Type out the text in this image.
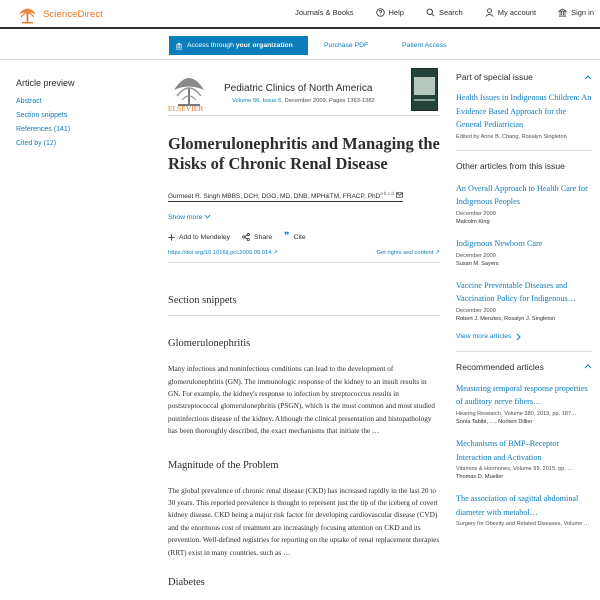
ScienceDirect	Journals & Books	Help	Search	My account	Sign in
Access through your organization	Purchase PDF	Patient Access
Article preview
Abstract
Section snippets
References (141)
Cited by (12)
ELSEVIER
Pediatric Clinics of North America
Volume 56, Issue 6, December 2009, Pages 1363-1382
Glomerulonephritis and Managing the Risks of Chronic Renal Disease
Gurmeet R. Singh MBBS, DCH, DGO, MD, DNB, MPH&TM, FRACP, PhD$^{a b c d}$
Show more
Add to Mendeley	Share ❞ Cite
https://doi.org/10.1016/j.pcl.2009.09.014 ↗	Get rights and content ↗
Section snippets
Glomerulonephritis

Many infectious and noninfectious conditions can lead to the development of glomerulonephritis (GN). The immunologic response of the kidney to an insult results in GN. For example, the kidney's response to infection by streptococcus results in poststreptococcal glomerulonephritis (PSGN), which is the most common and most studied postinfectious disease of the kidney. Although the clinical presentation and histopathology has been thoroughly described, the exact mechanisms that initiate the …

Magnitude of the Problem

The global prevalence of chronic renal disease (CKD) has increased rapidly in the last 20 to 30 years. This reported prevalence is thought to represent just the tip of the iceberg of covert kidney disease. CKD being a major risk factor for developing cardiovascular disease (CVD) and the enormous cost of treatment are increasingly focusing attention on CKD and its prevention. Well-defined registries for reporting on the uptake of renal replacement therapies (RRT) exist in many countries, such as …

Diabetes
Part of special issue
Health Issues in Indigenous Children: An Evidence Based Approach for the General Pediatrician
Edited by Anne B. Chang, Rosalyn Singleton
Other articles from this issue
An Overall Approach to Health Care for Indigenous Peoples
December 2009
Malcolm King
Indigenous Newborn Care
December 2009
Susan M. Sayers
Vaccine Preventable Diseases and Vaccination Policy for Indigenous…
December 2009
Robert J. Menzies, Rosalyn J. Singleton
View more articles
Recommended articles
Measuring temporal response properties of auditory nerve fibers…
Hearing Research, Volume 380, 2019, pp. 187…
Sonia Tabibi, …, Norbert Dillier
Mechanisms of BMP–Receptor Interaction and Activation
Vitamins & Hormones, Volume 99, 2015, pp. …
Thomas D. Mueller
The association of sagittal abdominal diameter with metabol…
Surgery for Obesity and Related Diseases, Volume …
